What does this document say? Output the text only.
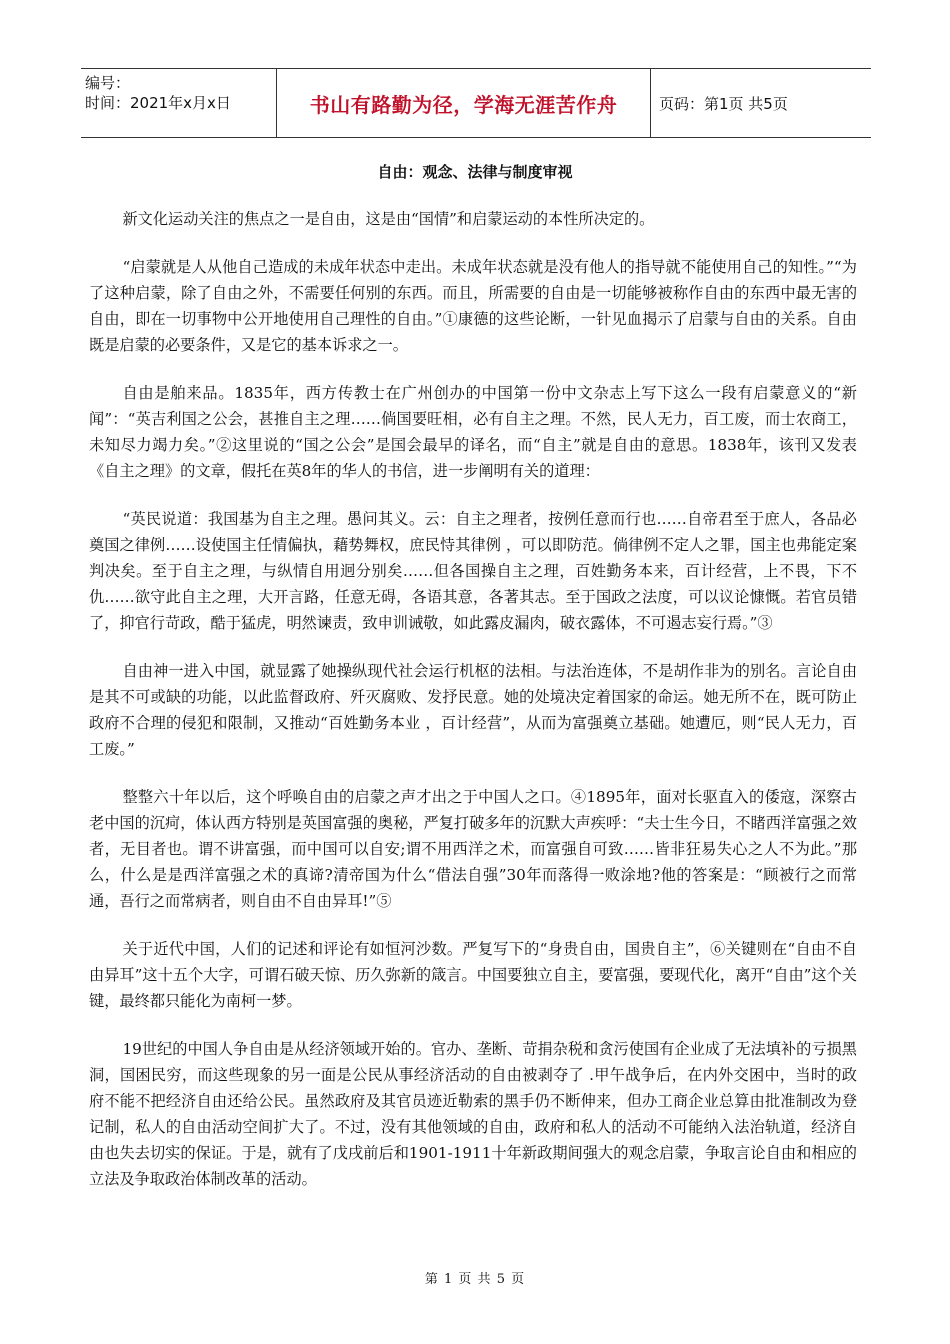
编号：
时间：2021年x月x日	书山有路勤为径，学海无涯苦作舟	页码：第1页 共5页
自由：观念、法律与制度审视

新文化运动关注的焦点之一是自由，这是由“国情”和启蒙运动的本性所决定的。

“启蒙就是人从他自己造成的未成年状态中走出。未成年状态就是没有他人的指导就不能使用自己的知性。”“为了这种启蒙，除了自由之外，不需要任何别的东西。而且，所需要的自由是一切能够被称作自由的东西中最无害的自由，即在一切事物中公开地使用自己理性的自由。”①康德的这些论断，一针见血揭示了启蒙与自由的关系。自由既是启蒙的必要条件，又是它的基本诉求之一。

自由是舶来品。1835年，西方传教士在广州创办的中国第一份中文杂志上写下这么一段有启蒙意义的“新闻”：“英吉利国之公会，甚推自主之理……倘国要旺相，必有自主之理。不然，民人无力，百工废，而士农商工，未知尽力竭力矣。”②这里说的“国之公会”是国会最早的译名，而“自主”就是自由的意思。1838年，该刊又发表《自主之理》的文章，假托在英8年的华人的书信，进一步阐明有关的道理：

“英民说道：我国基为自主之理。愚问其义。云：自主之理者，按例任意而行也……自帝君至于庶人，各品必奠国之律例……设使国主任情偏执，藉势舞权，庶民恃其律例 ，可以即防范。倘律例不定人之罪，国主也弗能定案判决矣。至于自主之理，与纵情自用迥分别矣……但各国操自主之理，百姓勤务本来，百计经营，上不畏，下不仇……欲守此自主之理，大开言路，任意无碍，各语其意，各著其志。至于国政之法度，可以议论慷慨。若官员错了，抑官行苛政，酷于猛虎，明然谏责，致申训诫敬，如此露皮漏肉，破衣露体，不可遏志妄行焉。”③

自由神一进入中国，就显露了她操纵现代社会运行机枢的法相。与法治连体，不是胡作非为的别名。言论自由是其不可或缺的功能，以此监督政府、歼灭腐败、发抒民意。她的处境决定着国家的命运。她无所不在，既可防止政府不合理的侵犯和限制，又推动“百姓勤务本业 ，百计经营”，从而为富强奠立基础。她遭厄，则“民人无力，百工废。”

整整六十年以后，这个呼唤自由的启蒙之声才出之于中国人之口。④1895年，面对长驱直入的倭寇，深察古老中国的沉疴，体认西方特别是英国富强的奥秘，严复打破多年的沉默大声疾呼：“夫士生今日，不睹西洋富强之效者，无目者也。谓不讲富强，而中国可以自安;谓不用西洋之术，而富强自可致……皆非狂易失心之人不为此。”那么，什么是是西洋富强之术的真谛?清帝国为什么“借法自强”30年而落得一败涂地?他的答案是：“顾被行之而常通，吾行之而常病者，则自由不自由异耳!”⑤

关于近代中国，人们的记述和评论有如恒河沙数。严复写下的“身贵自由，国贵自主”，⑥关键则在“自由不自由异耳”这十五个大字，可谓石破天惊、历久弥新的箴言。中国要独立自主，要富强，要现代化，离开“自由”这个关键，最终都只能化为南柯一梦。

19世纪的中国人争自由是从经济领域开始的。官办、垄断、苛捐杂税和贪污使国有企业成了无法填补的亏损黑洞，国困民穷，而这些现象的另一面是公民从事经济活动的自由被剥夺了 .甲午战争后，在内外交困中，当时的政府不能不把经济自由还给公民。虽然政府及其官员迹近勒索的黑手仍不断伸来，但办工商企业总算由批准制改为登记制，私人的自由活动空间扩大了。不过，没有其他领域的自由，政府和私人的活动不可能纳入法治轨道，经济自由也失去切实的保证。于是，就有了戊戌前后和1901-1911十年新政期间强大的观念启蒙，争取言论自由和相应的立法及争取政治体制改革的活动。

第 1 页 共 5 页
